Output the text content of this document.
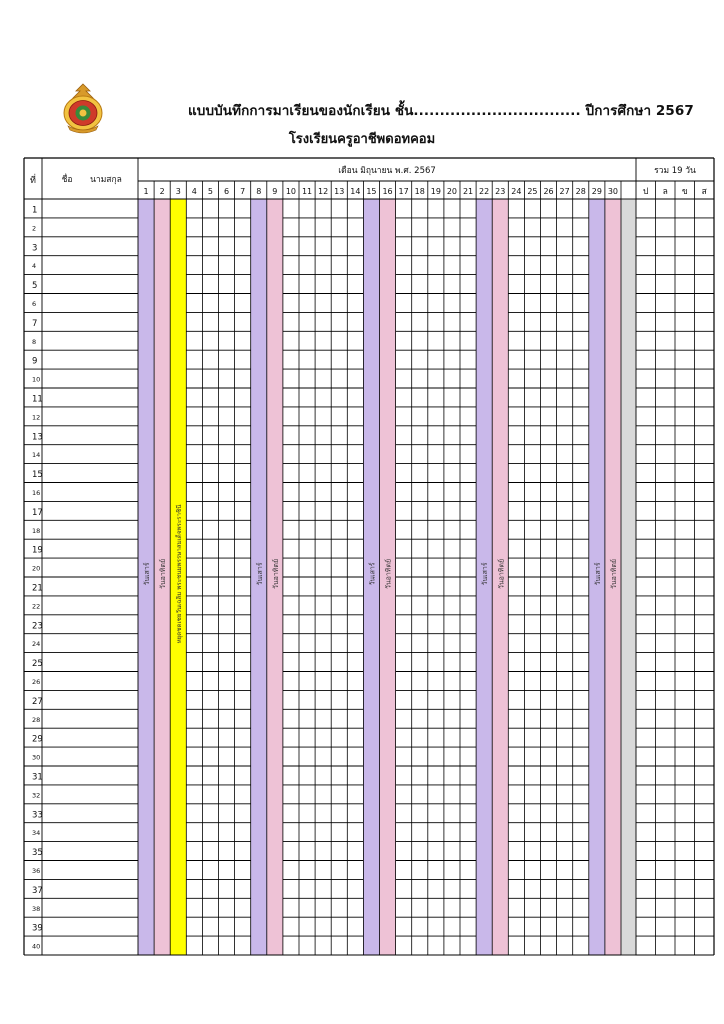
แบบบันทึกการมาเรียนของนักเรียน ชั้น................................ ปีการศึกษา 2567
โรงเรียนครูอาชีพดอทคอม
ที่	ชื่อ นามสกุล
เดือน มิถุนายน พ.ศ. 2567	รวม 19 วัน
1 2 3 4 5 6 7 8 9 10 11 12 13 14 15 16 17 18 19 20 21 22 23 24 25 26 27 28 29 30	ป ล ข ส
1
2
3
4
5
6
7
8
9
10
11
12
13
14
15
16
17
18
19
20
21
22
23
24
25
26
27
28
29
30
31
32
33
34
35
36
37
38
39
40
วันเสาร์	วันเสาร์	วันเสาร์	วันเสาร์	วันเสาร์
วันอาทิตย์	วันอาทิตย์	วันอาทิตย์	วันอาทิตย์	วันอาทิตย์
หยุดชดเชยวันเฉลิม พระชนมพรรษาสมเด็จพระราชินี
